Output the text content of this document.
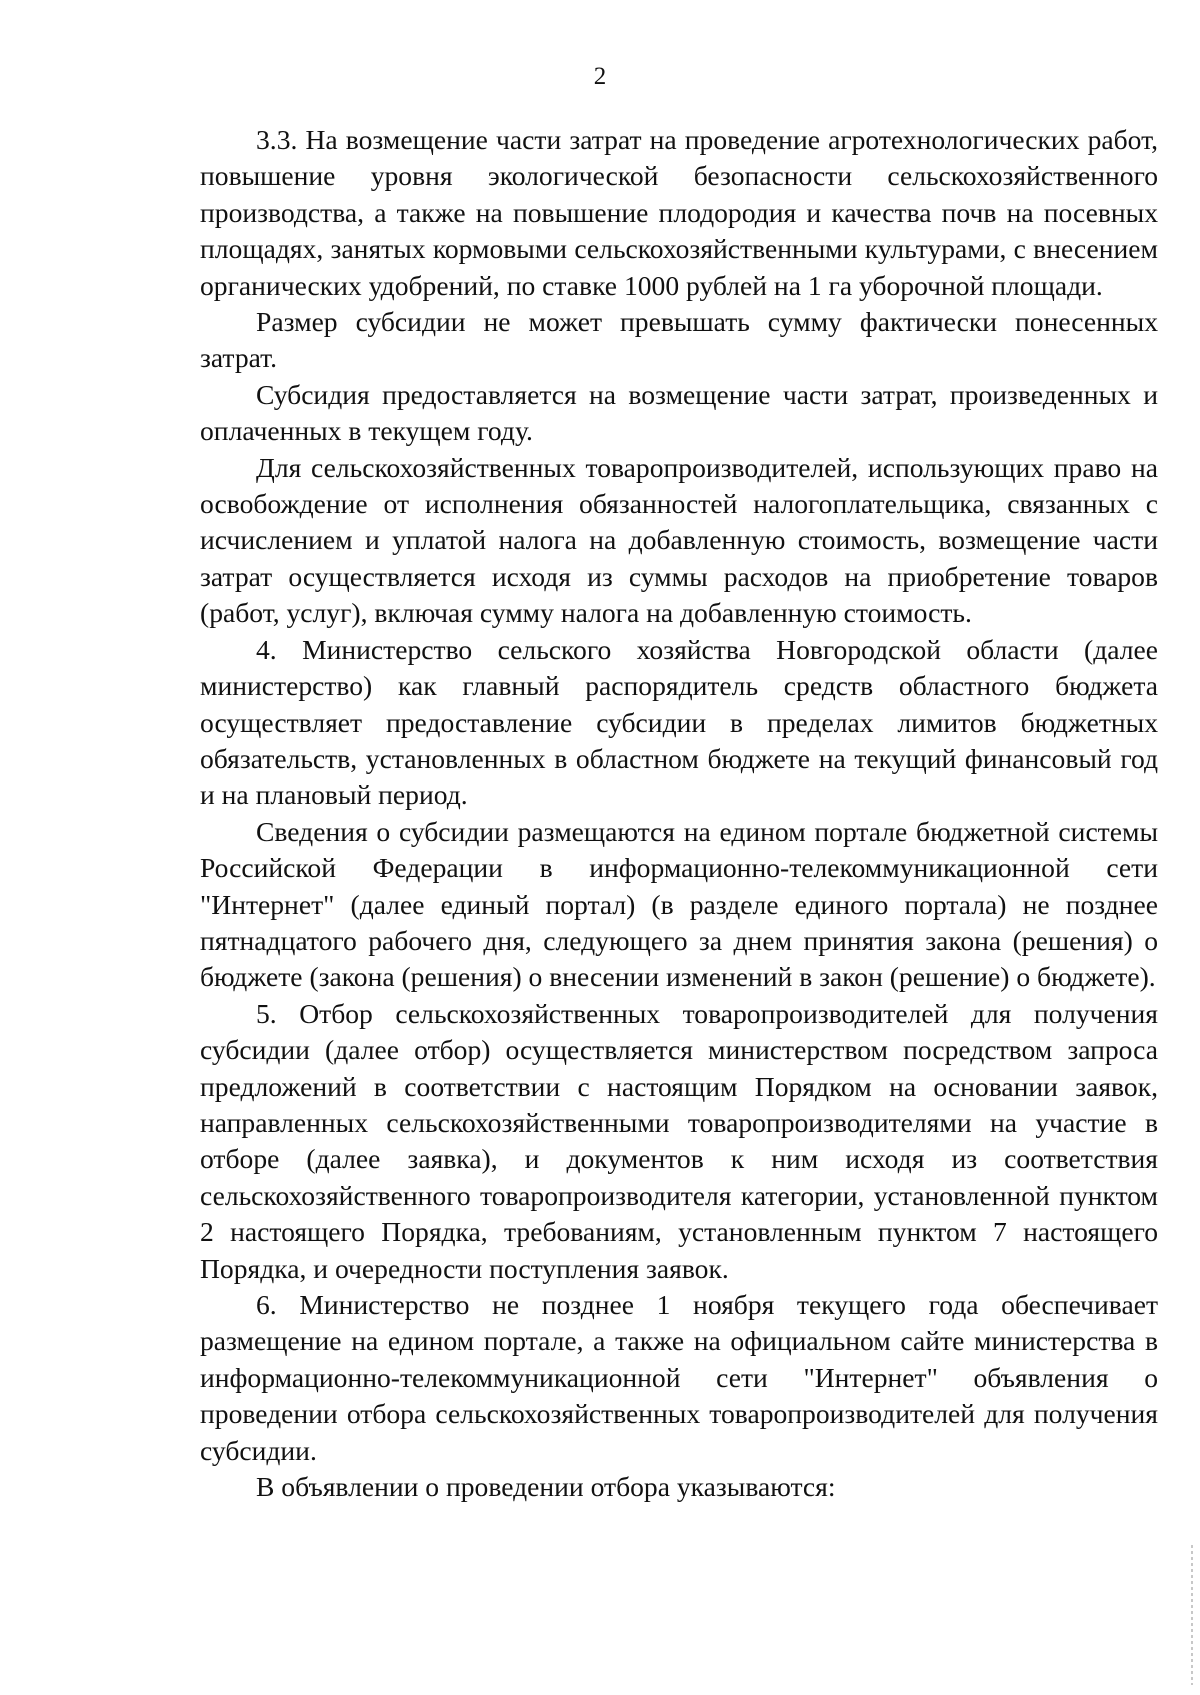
2

3.3. На возмещение части затрат на проведение агротехнологических работ, повышение уровня экологической безопасности сельскохозяйственного производства, а также на повышение плодородия и качества почв на посевных площадях, занятых кормовыми сельскохозяйственными культурами, с внесением органических удобрений, по ставке 1000 рублей на 1 га уборочной площади.

Размер субсидии не может превышать сумму фактически понесенных затрат.

Субсидия предоставляется на возмещение части затрат, произведенных и оплаченных в текущем году.

Для сельскохозяйственных товаропроизводителей, использующих право на освобождение от исполнения обязанностей налогоплательщика, связанных с исчислением и уплатой налога на добавленную стоимость, возмещение части затрат осуществляется исходя из суммы расходов на приобретение товаров (работ, услуг), включая сумму налога на добавленную стоимость.

4. Министерство сельского хозяйства Новгородской области (далее министерство) как главный распорядитель средств областного бюджета осуществляет предоставление субсидии в пределах лимитов бюджетных обязательств, установленных в областном бюджете на текущий финансовый год и на плановый период.

Сведения о субсидии размещаются на едином портале бюджетной системы Российской Федерации в информационно-телекоммуникационной сети "Интернет" (далее единый портал) (в разделе единого портала) не позднее пятнадцатого рабочего дня, следующего за днем принятия закона (решения) о бюджете (закона (решения) о внесении изменений в закон (решение) о бюджете).

5. Отбор сельскохозяйственных товаропроизводителей для получения субсидии (далее отбор) осуществляется министерством посредством запроса предложений в соответствии с настоящим Порядком на основании заявок, направленных сельскохозяйственными товаропроизводителями на участие в отборе (далее заявка), и документов к ним исходя из соответствия сельскохозяйственного товаропроизводителя категории, установленной пунктом 2 настоящего Порядка, требованиям, установленным пунктом 7 настоящего Порядка, и очередности поступления заявок.

6. Министерство не позднее 1 ноября текущего года обеспечивает размещение на едином портале, а также на официальном сайте министерства в информационно-телекоммуникационной сети "Интернет" объявления о проведении отбора сельскохозяйственных товаропроизводителей для получения субсидии.

В объявлении о проведении отбора указываются:
